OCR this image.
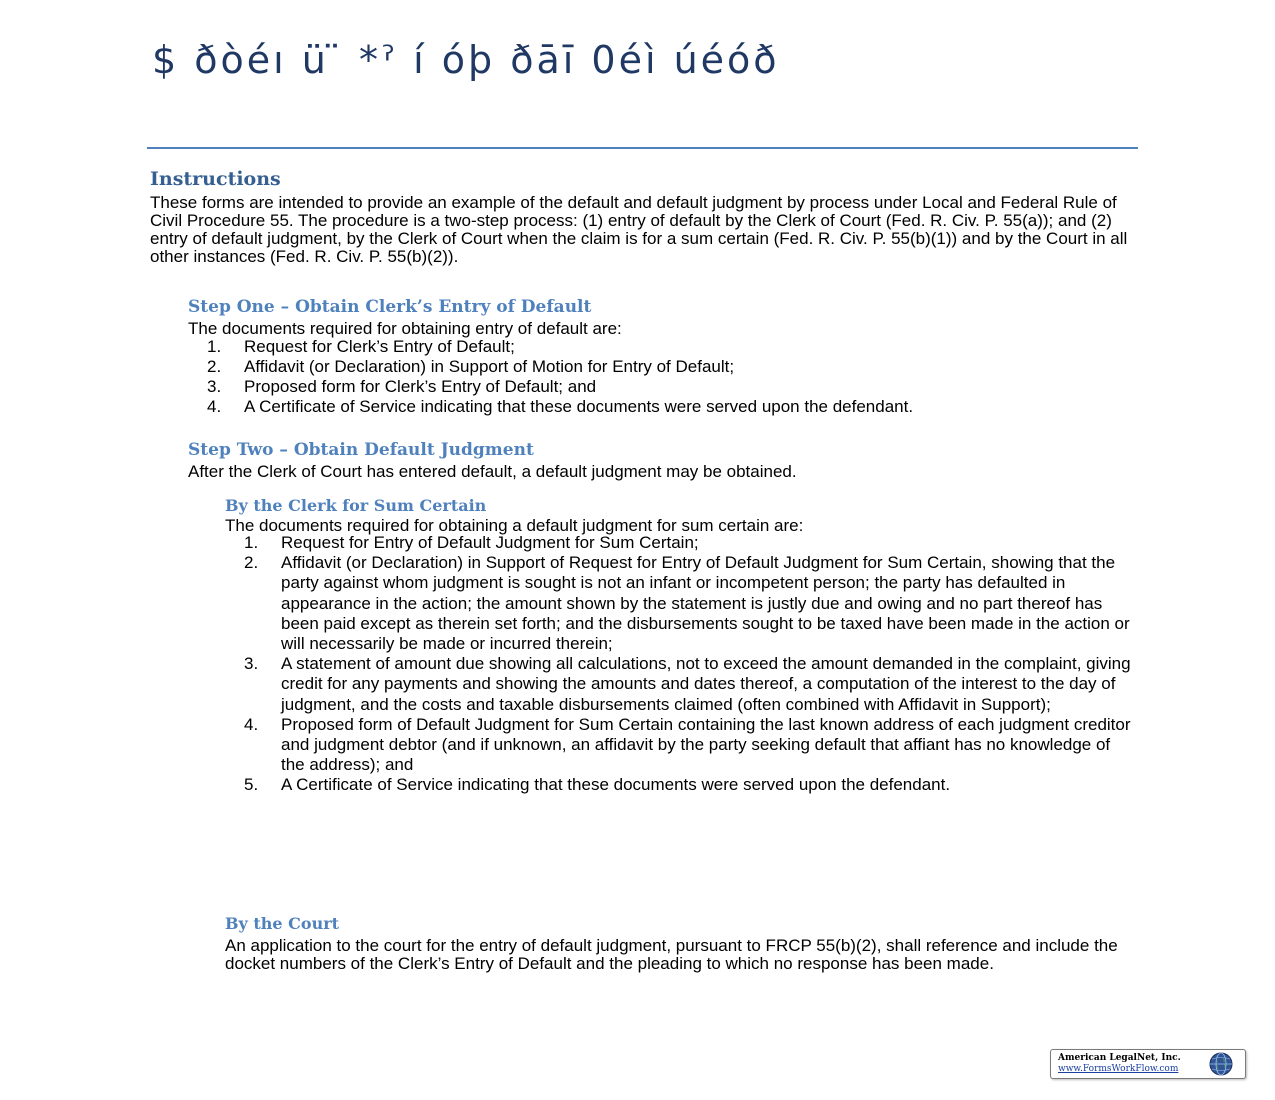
$ ðòéı ü ̈ *ˀ í óþ ðāī 0éì úéóð
Instructions
These forms are intended to provide an example of the default and default judgment by process under Local and Federal Rule of Civil Procedure 55. The procedure is a two-step process: (1) entry of default by the Clerk of Court (Fed. R. Civ. P. 55(a)); and (2) entry of default judgment, by the Clerk of Court when the claim is for a sum certain (Fed. R. Civ. P. 55(b)(1)) and by the Court in all other instances (Fed. R. Civ. P. 55(b)(2)).
Step One – Obtain Clerk’s Entry of Default
The documents required for obtaining entry of default are:
1. Request for Clerk’s Entry of Default;
2. Affidavit (or Declaration) in Support of Motion for Entry of Default;
3. Proposed form for Clerk’s Entry of Default; and
4. A Certificate of Service indicating that these documents were served upon the defendant.
Step Two – Obtain Default Judgment
After the Clerk of Court has entered default, a default judgment may be obtained.
By the Clerk for Sum Certain
The documents required for obtaining a default judgment for sum certain are:
1. Request for Entry of Default Judgment for Sum Certain;
2. Affidavit (or Declaration) in Support of Request for Entry of Default Judgment for Sum Certain, showing that the party against whom judgment is sought is not an infant or incompetent person; the party has defaulted in appearance in the action; the amount shown by the statement is justly due and owing and no part thereof has been paid except as therein set forth; and the disbursements sought to be taxed have been made in the action or will necessarily be made or incurred therein;
3. A statement of amount due showing all calculations, not to exceed the amount demanded in the complaint, giving credit for any payments and showing the amounts and dates thereof, a computation of the interest to the day of judgment, and the costs and taxable disbursements claimed (often combined with Affidavit in Support);
4. Proposed form of Default Judgment for Sum Certain containing the last known address of each judgment creditor and judgment debtor (and if unknown, an affidavit by the party seeking default that affiant has no knowledge of the address); and
5. A Certificate of Service indicating that these documents were served upon the defendant.
By the Court
An application to the court for the entry of default judgment, pursuant to FRCP 55(b)(2), shall reference and include the docket numbers of the Clerk’s Entry of Default and the pleading to which no response has been made.
American LegalNet, Inc.
www.FormsWorkFlow.com
